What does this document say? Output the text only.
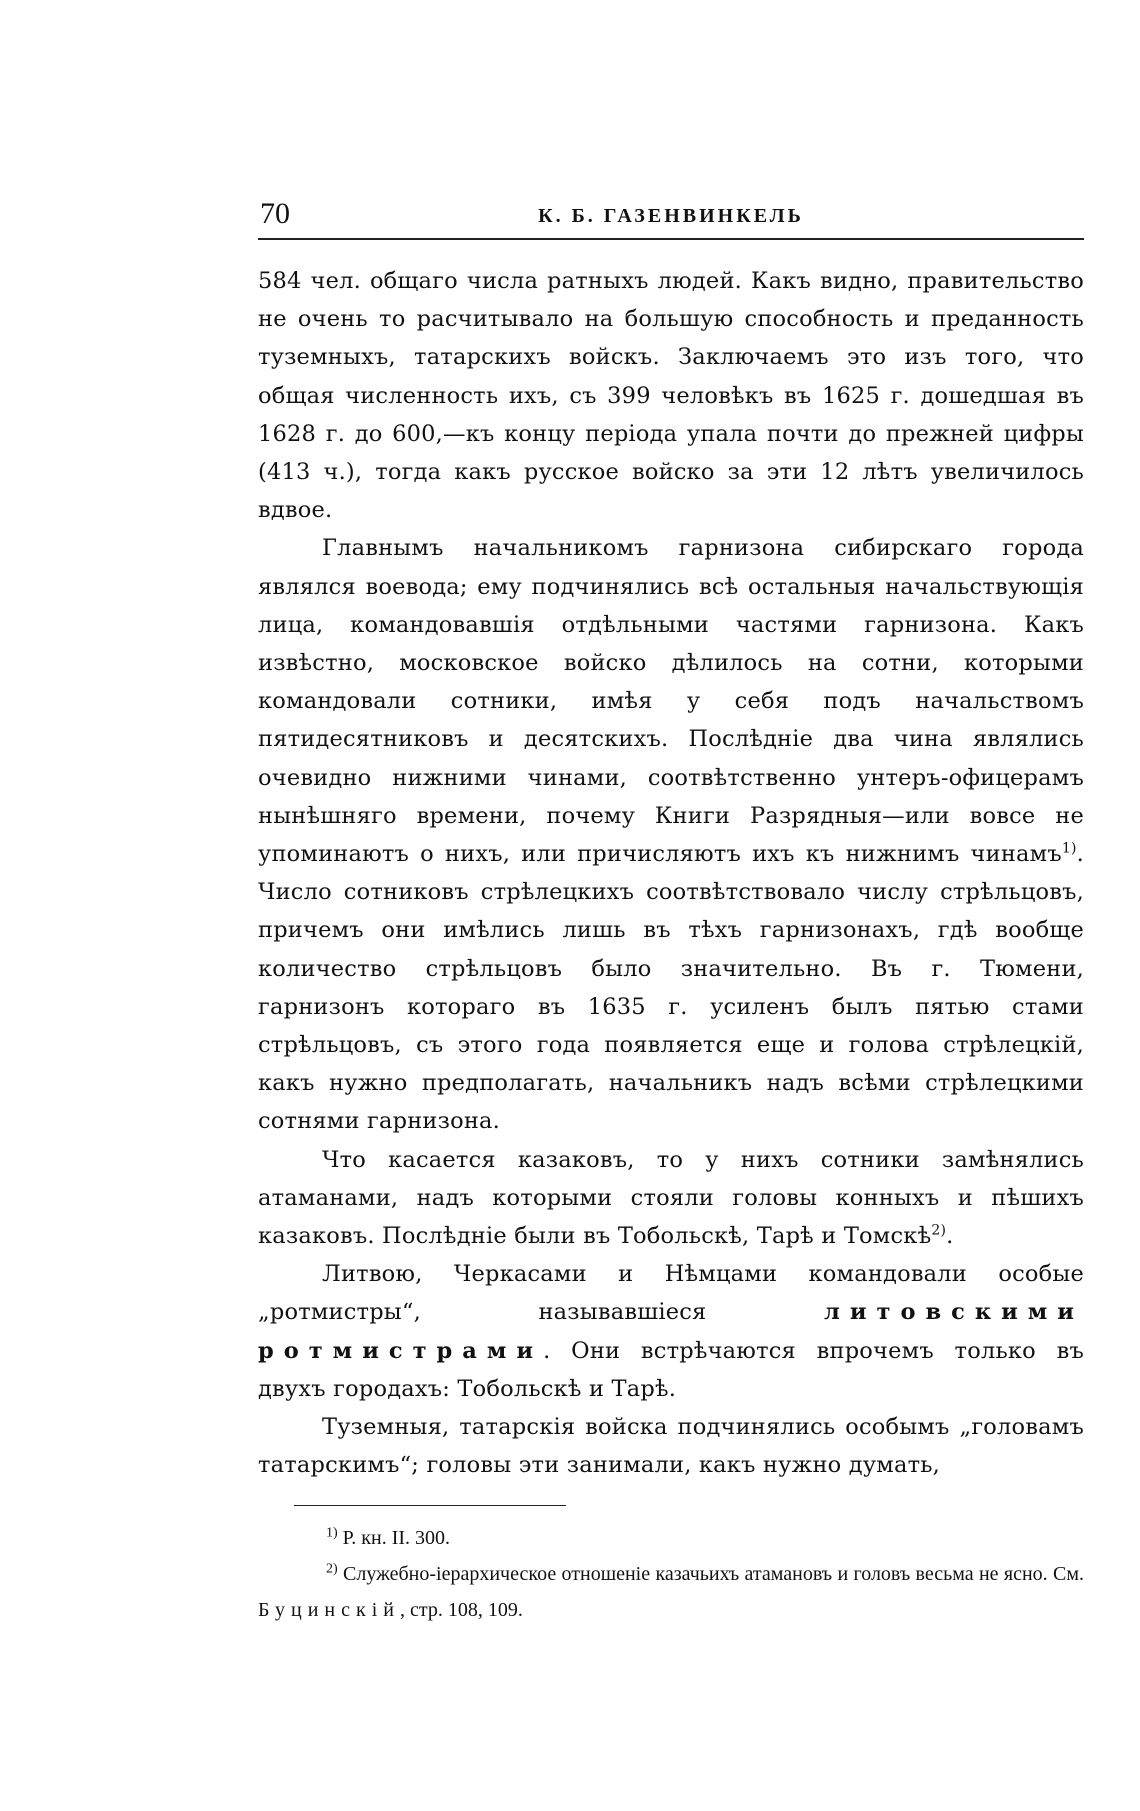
70	К. Б. ГАЗЕНВИНКЕЛЬ

584 чел. общаго числа ратныхъ людей. Какъ видно, правительство не очень то расчитывало на большую способность и преданность туземныхъ, татарскихъ войскъ. Заключаемъ это изъ того, что общая численность ихъ, съ 399 человѣкъ въ 1625 г. дошедшая въ 1628 г. до 600,—къ концу періода упала почти до прежней цифры (413 ч.), тогда какъ русское войско за эти 12 лѣтъ увеличилось вдвое.

Главнымъ начальникомъ гарнизона сибирскаго города являлся воевода; ему подчинялись всѣ остальныя начальствующія лица, командовавшія отдѣльными частями гарнизона. Какъ извѣстно, московское войско дѣлилось на сотни, которыми командовали сотники, имѣя у себя подъ начальствомъ пятидесятниковъ и десятскихъ. Послѣдніе два чина являлись очевидно нижними чинами, соотвѣтственно унтеръ-офицерамъ нынѣшняго времени, почему Книги Разрядныя—или вовсе не упоминаютъ о нихъ, или причисляютъ ихъ къ нижнимъ чинамъ$^{1)}$. Число сотниковъ стрѣлецкихъ соотвѣтствовало числу стрѣльцовъ, причемъ они имѣлись лишь въ тѣхъ гарнизонахъ, гдѣ вообще количество стрѣльцовъ было значительно. Въ г. Тюмени, гарнизонъ котораго въ 1635 г. усиленъ былъ пятью стами стрѣльцовъ, съ этого года появляется еще и голова стрѣлецкій, какъ нужно предполагать, начальникъ надъ всѣми стрѣлецкими сотнями гарнизона.

Что касается казаковъ, то у нихъ сотники замѣнялись атаманами, надъ которыми стояли головы конныхъ и пѣшихъ казаковъ. Послѣдніе были въ Тобольскѣ, Тарѣ и Томскѣ$^{2)}$.

Литвою, Черкасами и Нѣмцами командовали особые „ротмистры“, называвшіеся литовскими ротмистрами. Они встрѣчаются впрочемъ только въ двухъ городахъ: Тобольскѣ и Тарѣ.

Туземныя, татарскія войска подчинялись особымъ „головамъ татарскимъ“; головы эти занимали, какъ нужно думать,

$^{1)}$ Р. кн. II. 300.

$^{2)}$ Служебно-іерархическое отношеніе казачьихъ атамановъ и головъ весьма не ясно. См. Буцинскій, стр. 108, 109.
